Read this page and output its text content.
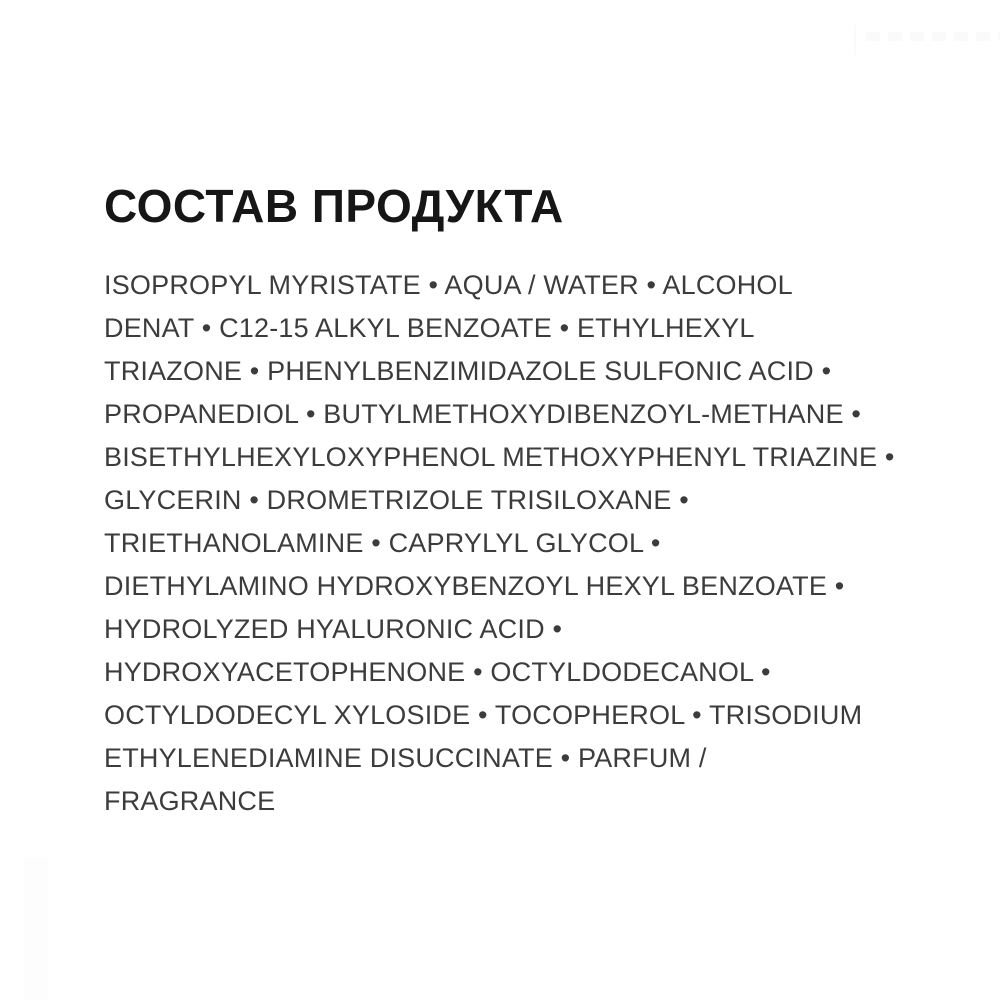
СОСТАВ ПРОДУКТА
ISOPROPYL MYRISTATE • AQUA / WATER • ALCOHOL
DENAT • C12-15 ALKYL BENZOATE • ETHYLHEXYL
TRIAZONE • PHENYLBENZIMIDAZOLE SULFONIC ACID •
PROPANEDIOL • BUTYLMETHOXYDIBENZOYL-METHANE •
BISETHYLHEXYLOXYPHENOL METHOXYPHENYL TRIAZINE •
GLYCERIN • DROMETRIZOLE TRISILOXANE •
TRIETHANOLAMINE • CAPRYLYL GLYCOL •
DIETHYLAMINO HYDROXYBENZOYL HEXYL BENZOATE •
HYDROLYZED HYALURONIC ACID •
HYDROXYACETOPHENONE • OCTYLDODECANOL •
OCTYLDODECYL XYLOSIDE • TOCOPHEROL • TRISODIUM
ETHYLENEDIAMINE DISUCCINATE • PARFUM /
FRAGRANCE
